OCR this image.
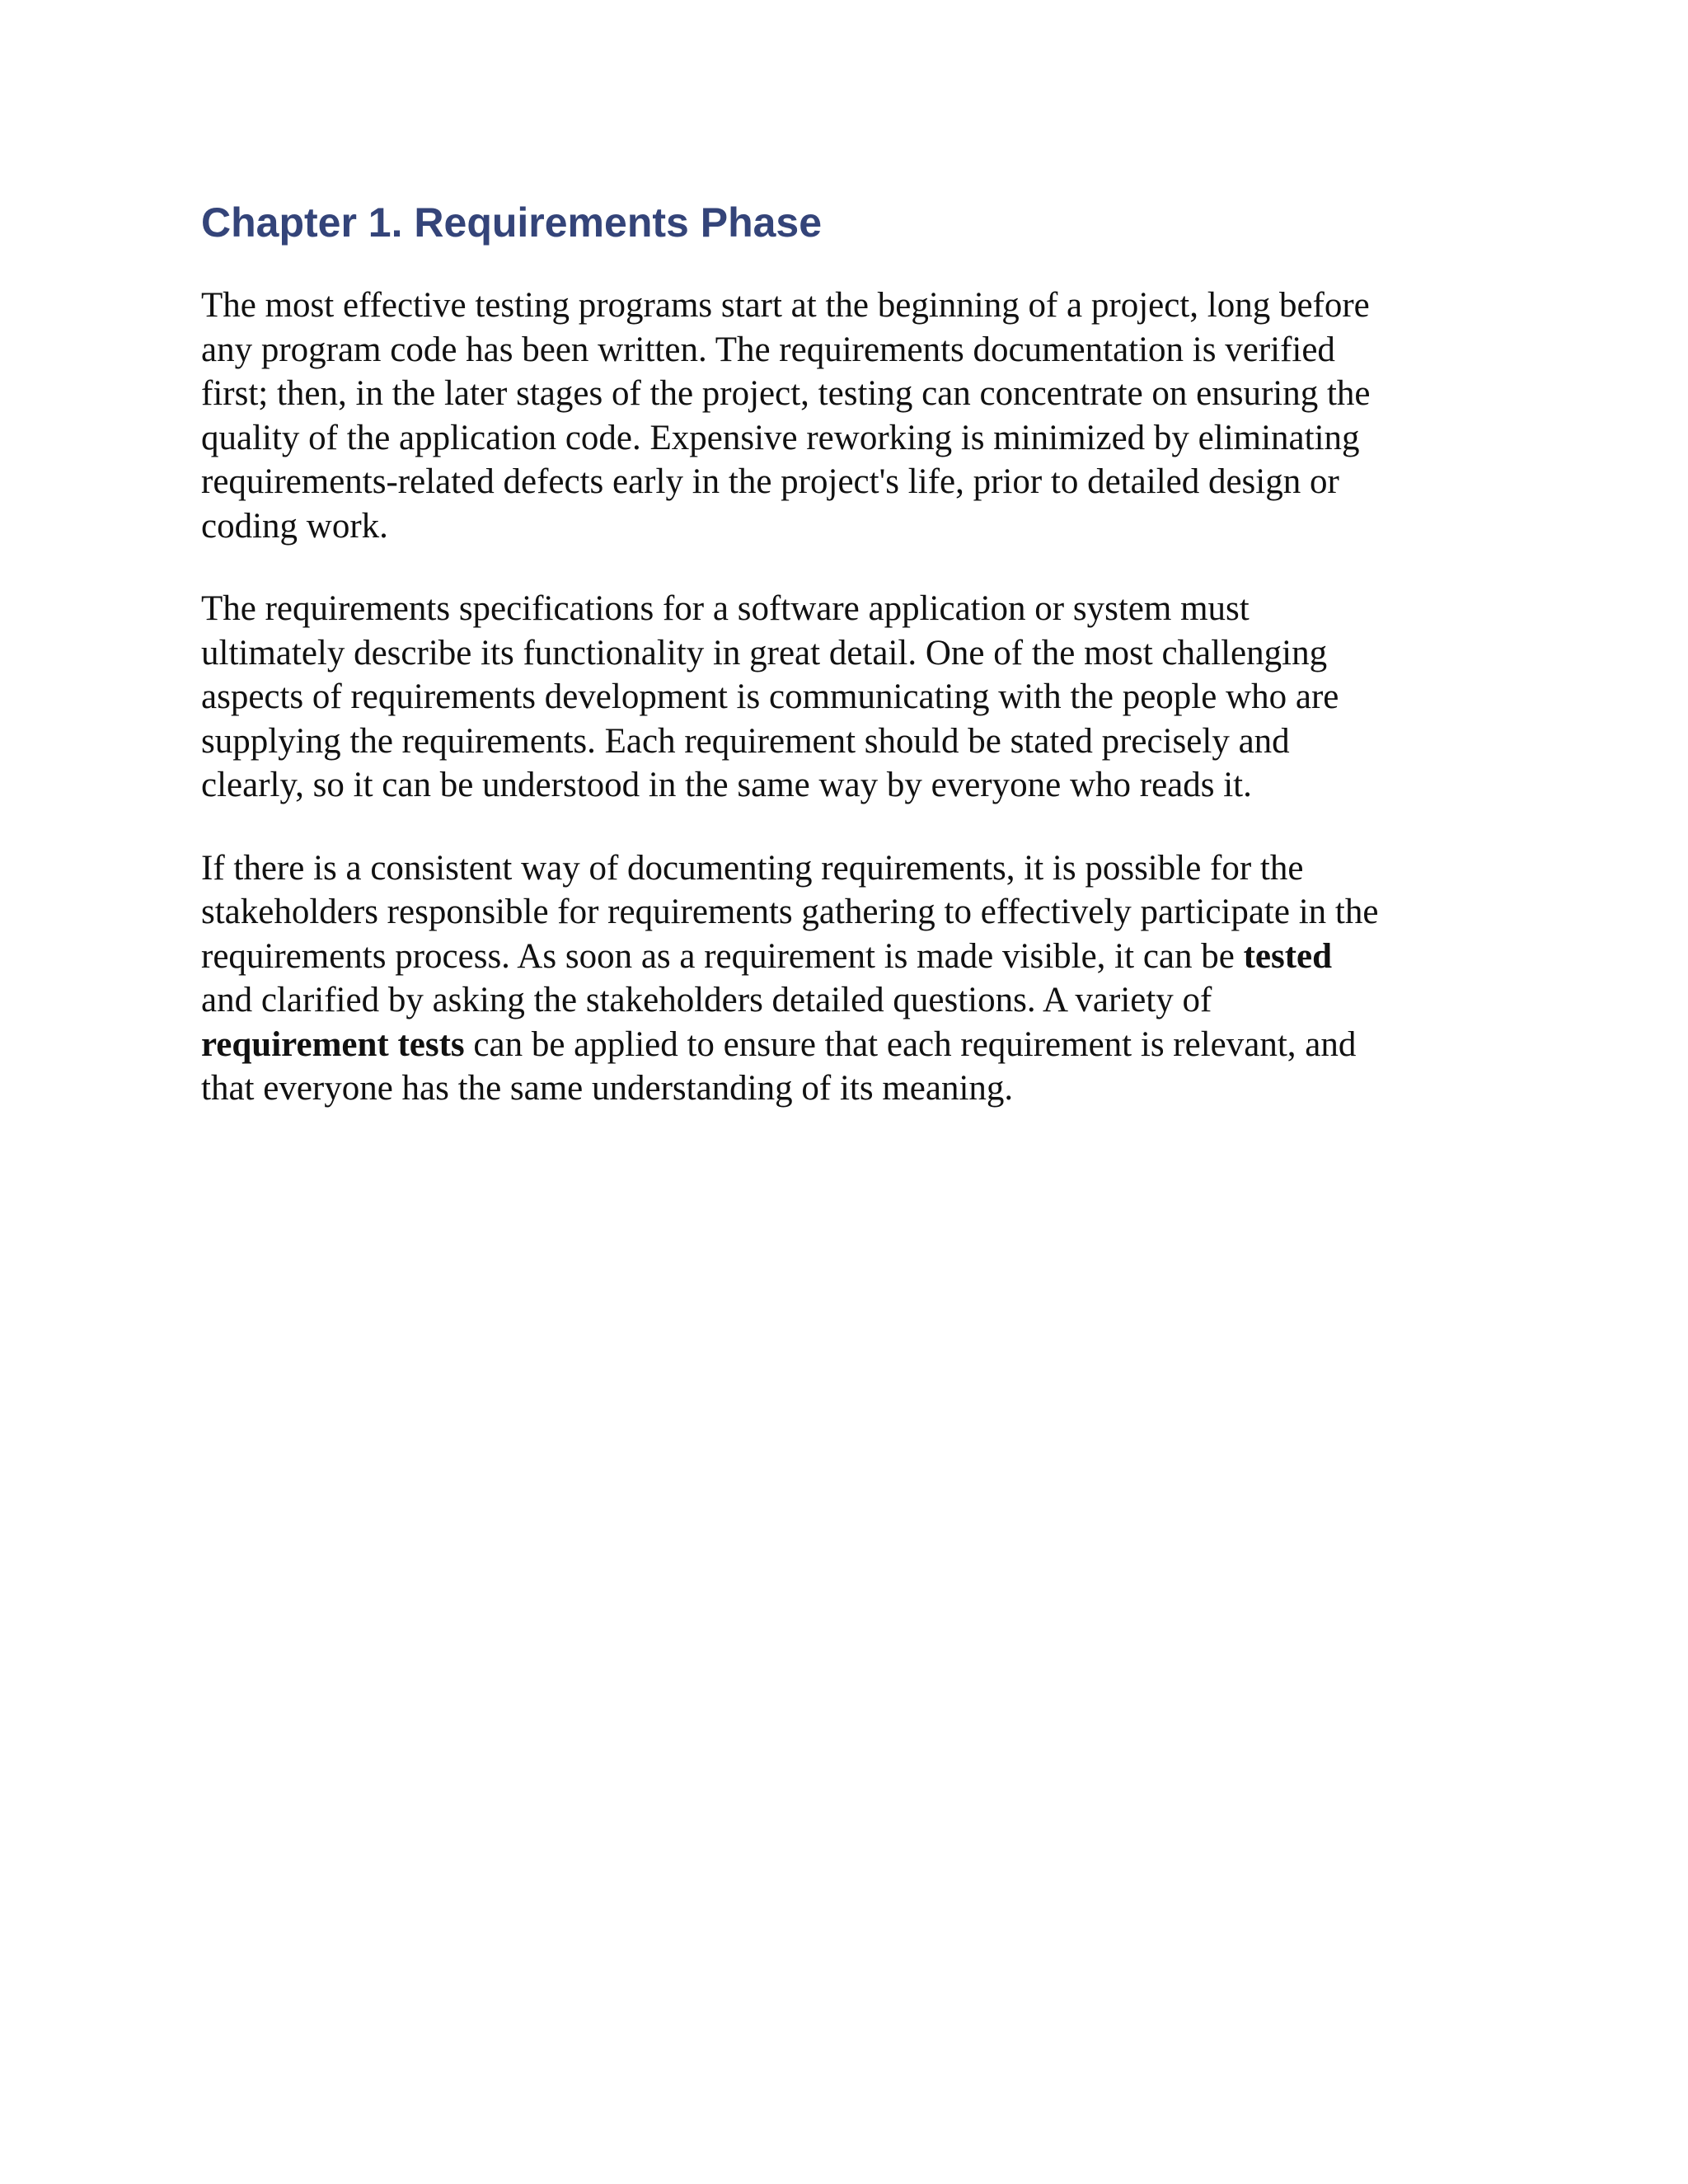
Chapter 1. Requirements Phase

The most effective testing programs start at the beginning of a project, long before
any program code has been written. The requirements documentation is verified
first; then, in the later stages of the project, testing can concentrate on ensuring the
quality of the application code. Expensive reworking is minimized by eliminating
requirements-related defects early in the project's life, prior to detailed design or
coding work.

The requirements specifications for a software application or system must
ultimately describe its functionality in great detail. One of the most challenging
aspects of requirements development is communicating with the people who are
supplying the requirements. Each requirement should be stated precisely and
clearly, so it can be understood in the same way by everyone who reads it.

If there is a consistent way of documenting requirements, it is possible for the
stakeholders responsible for requirements gathering to effectively participate in the
requirements process. As soon as a requirement is made visible, it can be tested
and clarified by asking the stakeholders detailed questions. A variety of
requirement tests can be applied to ensure that each requirement is relevant, and
that everyone has the same understanding of its meaning.
